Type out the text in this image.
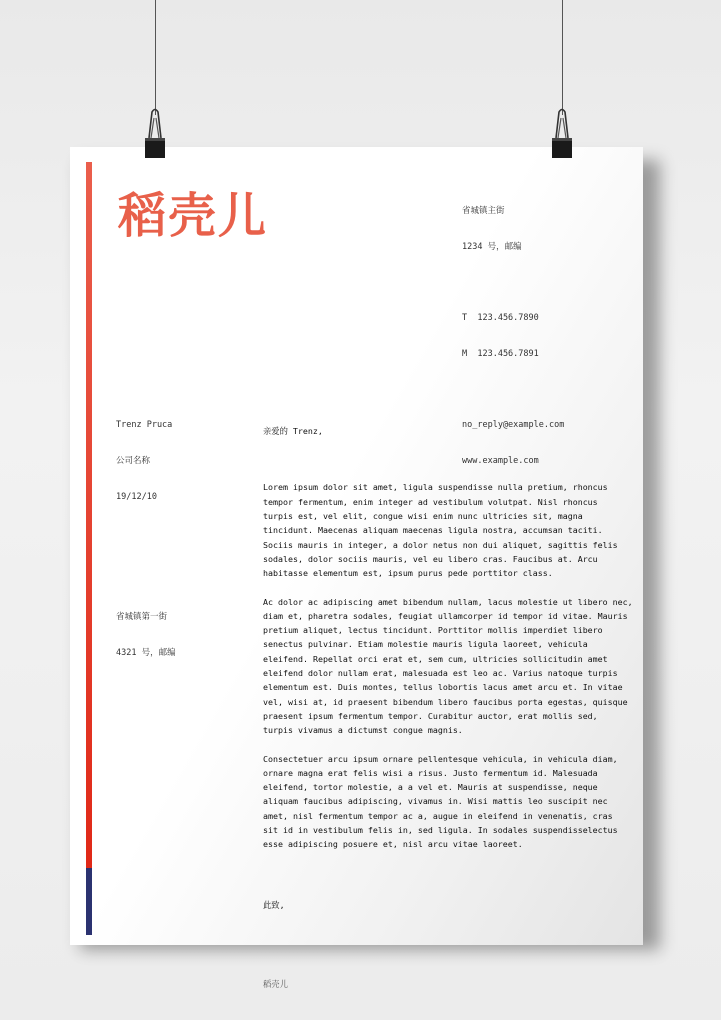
稻壳儿

	省城镇主街

1234 号，邮编

T  123.456.7890

M  123.456.7891

no_reply@example.com

www.example.com

Trenz Pruca

公司名称

19/12/10

省城镇第一街

4321 号，邮编

亲爱的 Trenz,

Lorem ipsum dolor sit amet, ligula suspendisse nulla pretium, rhoncus
tempor fermentum, enim integer ad vestibulum volutpat. Nisl rhoncus
turpis est, vel elit, congue wisi enim nunc ultricies sit, magna
tincidunt. Maecenas aliquam maecenas ligula nostra, accumsan taciti.
Sociis mauris in integer, a dolor netus non dui aliquet, sagittis felis
sodales, dolor sociis mauris, vel eu libero cras. Faucibus at. Arcu
habitasse elementum est, ipsum purus pede porttitor class.
Ac dolor ac adipiscing amet bibendum nullam, lacus molestie ut libero nec,
diam et, pharetra sodales, feugiat ullamcorper id tempor id vitae. Mauris
pretium aliquet, lectus tincidunt. Porttitor mollis imperdiet libero
senectus pulvinar. Etiam molestie mauris ligula laoreet, vehicula
eleifend. Repellat orci erat et, sem cum, ultricies sollicitudin amet
eleifend dolor nullam erat, malesuada est leo ac. Varius natoque turpis
elementum est. Duis montes, tellus lobortis lacus amet arcu et. In vitae
vel, wisi at, id praesent bibendum libero faucibus porta egestas, quisque
praesent ipsum fermentum tempor. Curabitur auctor, erat mollis sed,
turpis vivamus a dictumst congue magnis.
Consectetuer arcu ipsum ornare pellentesque vehicula, in vehicula diam,
ornare magna erat felis wisi a risus. Justo fermentum id. Malesuada
eleifend, tortor molestie, a a vel et. Mauris at suspendisse, neque
aliquam faucibus adipiscing, vivamus in. Wisi mattis leo suscipit nec
amet, nisl fermentum tempor ac a, augue in eleifend in venenatis, cras
sit id in vestibulum felis in, sed ligula. In sodales suspendisselectus
esse adipiscing posuere et, nisl arcu vitae laoreet.

此致,

稻壳儿
